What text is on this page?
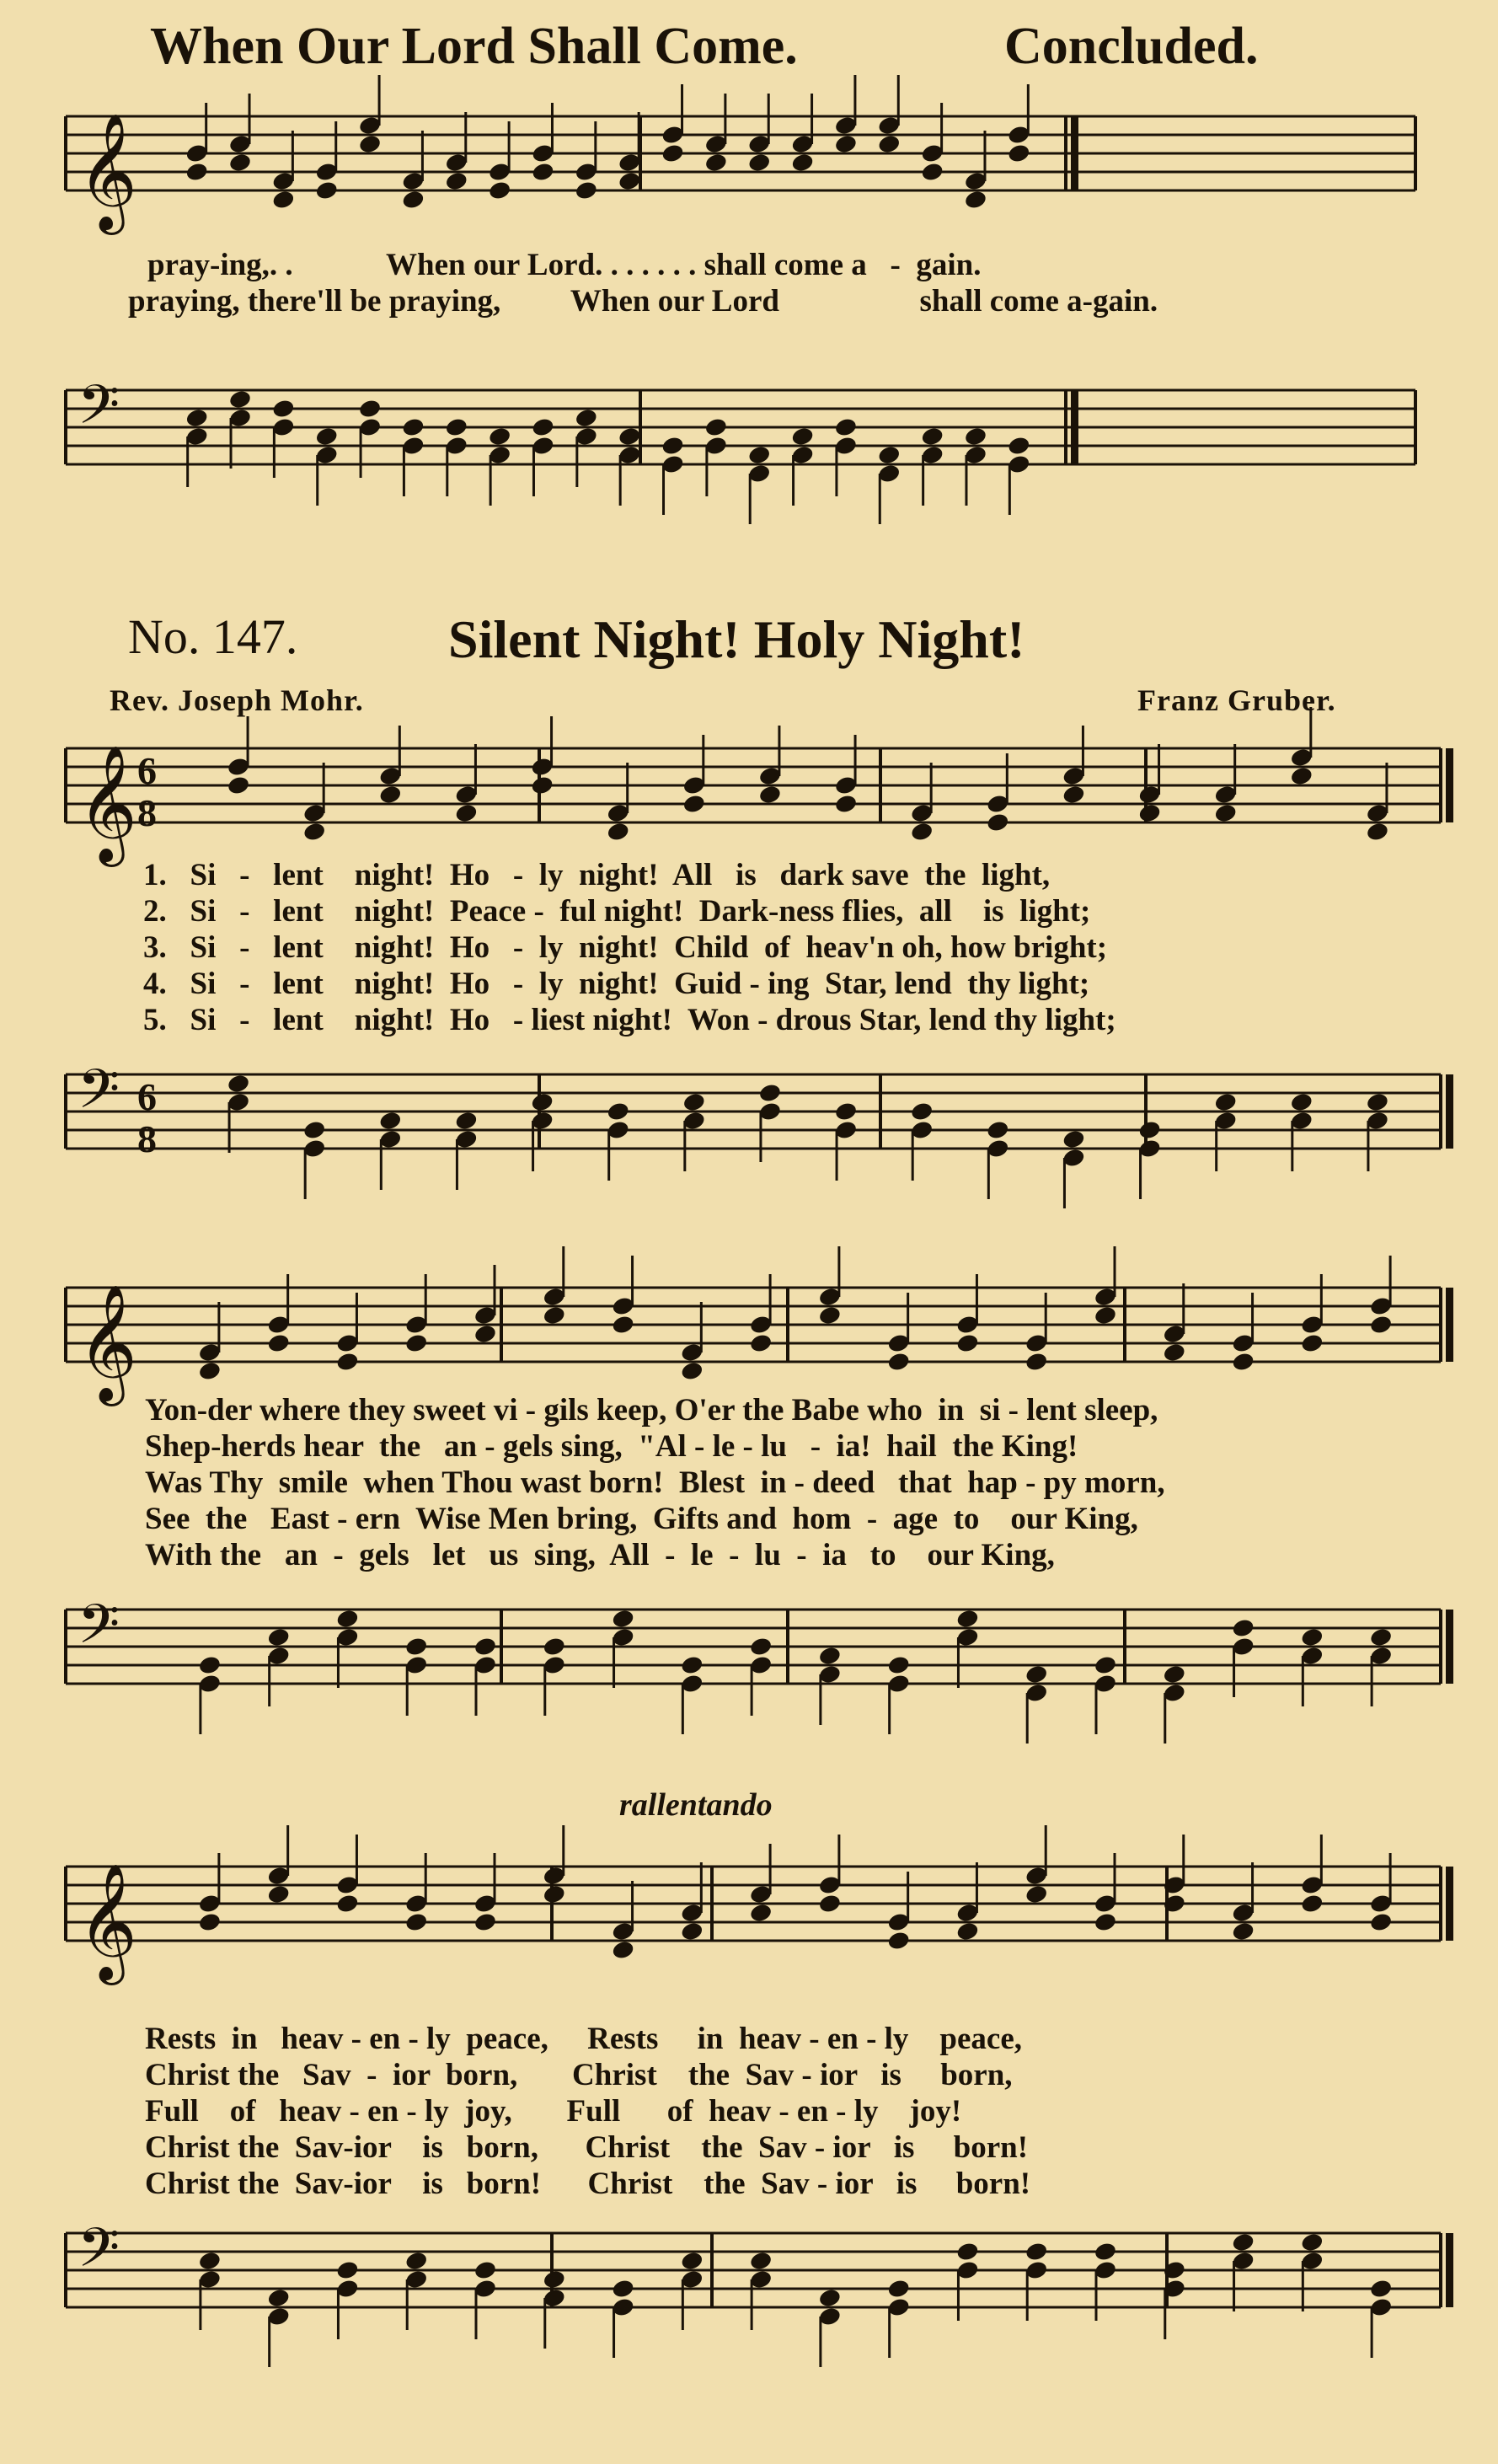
When Our Lord Shall Come.	Concluded.
𝄞
pray-ing,. .            When our Lord. . . . . . . shall come a   -  gain.
praying, there'll be praying,         When our Lord                  shall come a-gain.
𝄢
No. 147.	Silent Night! Holy Night!
Rev. Joseph Mohr.	Franz Gruber.
𝄞 6
8
1.   Si   -   lent    night!  Ho   -  ly  night!  All   is   dark save  the  light,
2.   Si   -   lent    night!  Peace -  ful night!  Dark-ness flies,  all    is  light;
3.   Si   -   lent    night!  Ho   -  ly  night!  Child  of  heav'n oh, how bright;
4.   Si   -   lent    night!  Ho   -  ly  night!  Guid - ing  Star, lend  thy light;
5.   Si   -   lent    night!  Ho   - liest night!  Won - drous Star, lend thy light;
𝄢 6
8
𝄞
Yon-der where they sweet vi - gils keep, O'er the Babe who  in  si - lent sleep,
Shep-herds hear  the   an - gels sing,  "Al - le - lu   -  ia!  hail  the King!
Was Thy  smile  when Thou wast born!  Blest  in - deed   that  hap - py morn,
See  the   East - ern  Wise Men bring,  Gifts and  hom  -  age  to    our King,
With the   an  -  gels   let   us  sing,  All  -  le  -  lu  -  ia   to    our King,
𝄢
rallentando
𝄞
Rests  in   heav - en - ly  peace,     Rests     in  heav - en - ly    peace,
Christ the   Sav  -  ior  born,       Christ    the  Sav - ior   is     born,
Full    of   heav - en - ly  joy,       Full      of  heav - en - ly    joy!
Christ the  Sav-ior    is   born,      Christ    the  Sav - ior   is     born!
Christ the  Sav-ior    is   born!      Christ    the  Sav - ior   is     born!
𝄢
